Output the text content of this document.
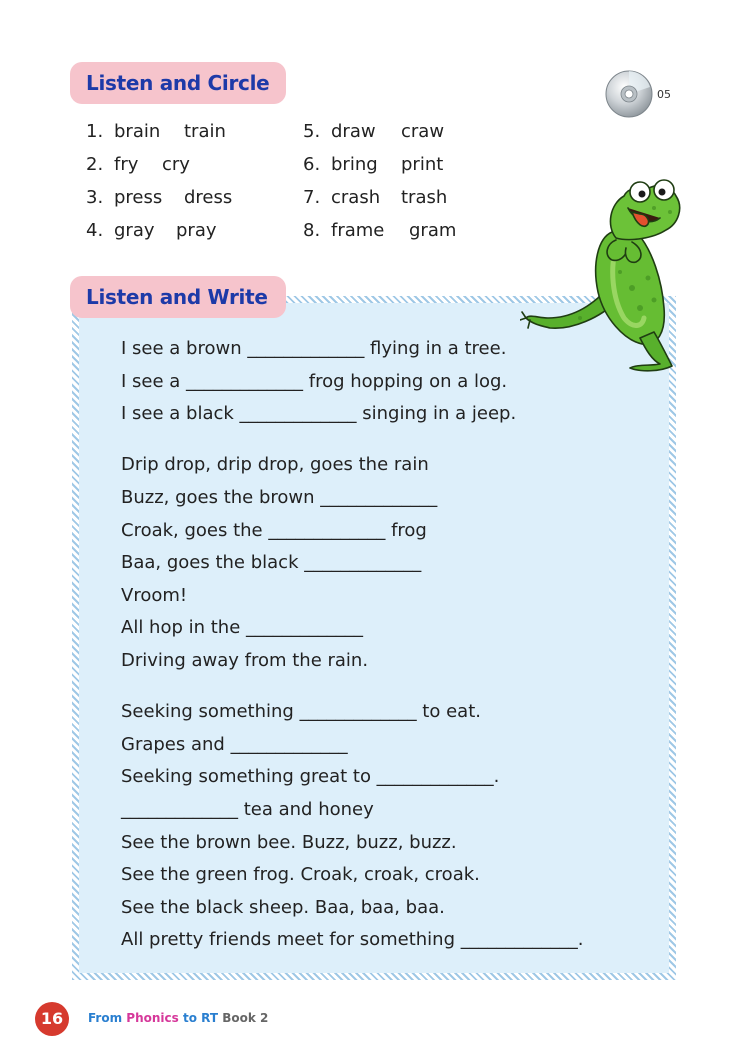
Listen and Circle	05
1. brain train
2. fry cry
3. press dress
4. gray pray
5. draw craw
6. bring print
7. crash trash
8. frame gram
Listen and Write
I see a brown _____________ flying in a tree.
I see a _____________ frog hopping on a log.
I see a black _____________ singing in a jeep.
Drip drop, drip drop, goes the rain
Buzz, goes the brown _____________
Croak, goes the _____________ frog
Baa, goes the black _____________
Vroom!
All hop in the _____________
Driving away from the rain.
Seeking something _____________ to eat.
Grapes and _____________
Seeking something great to _____________.
_____________ tea and honey
See the brown bee. Buzz, buzz, buzz.
See the green frog. Croak, croak, croak.
See the black sheep. Baa, baa, baa.
All pretty friends meet for something _____________.
16	From Phonics to RT Book 2
